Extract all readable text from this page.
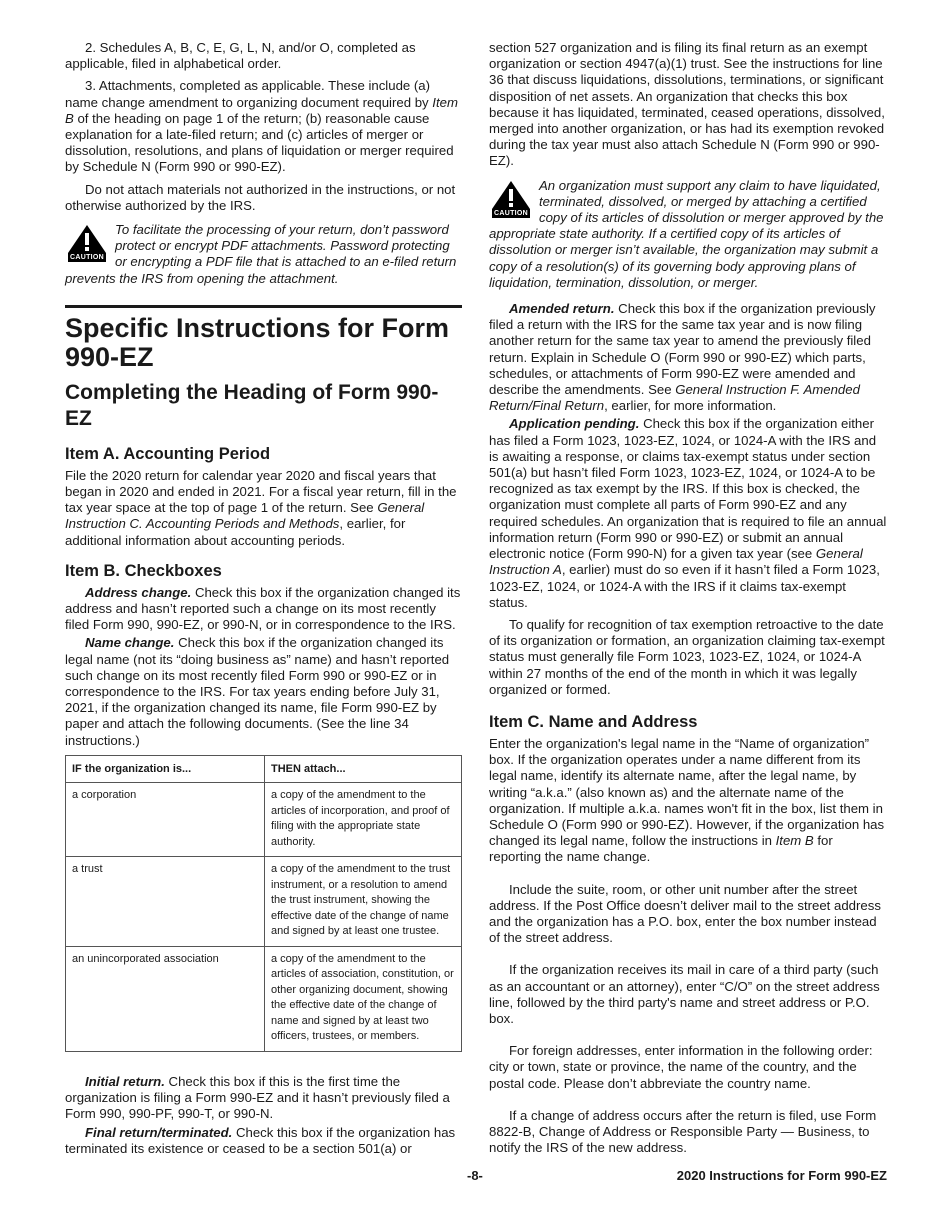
2. Schedules A, B, C, E, G, L, N, and/or O, completed as applicable, filed in alphabetical order.

3. Attachments, completed as applicable. These include (a) name change amendment to organizing document required by Item B of the heading on page 1 of the return; (b) reasonable cause explanation for a late-filed return; and (c) articles of merger or dissolution, resolutions, and plans of liquidation or merger required by Schedule N (Form 990 or 990-EZ).

Do not attach materials not authorized in the instructions, or not otherwise authorized by the IRS.

CAUTION
To facilitate the processing of your return, don’t password protect or encrypt PDF attachments. Password protecting or encrypting a PDF file that is attached to an e-filed return prevents the IRS from opening the attachment.
Specific Instructions for Form 990-EZ
Completing the Heading of Form 990-EZ
Item A. Accounting Period

File the 2020 return for calendar year 2020 and fiscal years that began in 2020 and ended in 2021. For a fiscal year return, fill in the tax year space at the top of page 1 of the return. See General Instruction C. Accounting Periods and Methods, earlier, for additional information about accounting periods.

Item B. Checkboxes

Address change. Check this box if the organization changed its address and hasn’t reported such a change on its most recently filed Form 990, 990-EZ, or 990-N, or in correspondence to the IRS.

Name change. Check this box if the organization changed its legal name (not its “doing business as” name) and hasn’t reported such change on its most recently filed Form 990 or 990-EZ or in correspondence to the IRS. For tax years ending before July 31, 2021, if the organization changed its name, file Form 990-EZ by paper and attach the following documents. (See the line 34 instructions.)

IF the organization is...	THEN attach...
a corporation	a copy of the amendment to the articles of incorporation, and proof of filing with the appropriate state authority.
a trust	a copy of the amendment to the trust instrument, or a resolution to amend the trust instrument, showing the effective date of the change of name and signed by at least one trustee.
an unincorporated association	a copy of the amendment to the articles of association, constitution, or other organizing document, showing the effective date of the change of name and signed by at least two officers, trustees, or members.

Initial return. Check this box if this is the first time the organization is filing a Form 990-EZ and it hasn’t previously filed a Form 990, 990-PF, 990-T, or 990-N.

Final return/terminated. Check this box if the organization has terminated its existence or ceased to be a section 501(a) or

section 527 organization and is filing its final return as an exempt organization or section 4947(a)(1) trust. See the instructions for line 36 that discuss liquidations, dissolutions, terminations, or significant disposition of net assets. An organization that checks this box because it has liquidated, terminated, ceased operations, dissolved, merged into another organization, or has had its exemption revoked during the tax year must also attach Schedule N (Form 990 or 990-EZ).

CAUTION
An organization must support any claim to have liquidated, terminated, dissolved, or merged by attaching a certified copy of its articles of dissolution or merger approved by the appropriate state authority. If a certified copy of its articles of dissolution or merger isn’t available, the organization may submit a copy of a resolution(s) of its governing body approving plans of liquidation, termination, dissolution, or merger.

Amended return. Check this box if the organization previously filed a return with the IRS for the same tax year and is now filing another return for the same tax year to amend the previously filed return. Explain in Schedule O (Form 990 or 990-EZ) which parts, schedules, or attachments of Form 990-EZ were amended and describe the amendments. See General Instruction F. Amended Return/Final Return, earlier, for more information.

Application pending. Check this box if the organization either has filed a Form 1023, 1023-EZ, 1024, or 1024-A with the IRS and is awaiting a response, or claims tax-exempt status under section 501(a) but hasn’t filed Form 1023, 1023-EZ, 1024, or 1024-A to be recognized as tax exempt by the IRS. If this box is checked, the organization must complete all parts of Form 990-EZ and any required schedules. An organization that is required to file an annual information return (Form 990 or 990-EZ) or submit an annual electronic notice (Form 990-N) for a given tax year (see General Instruction A, earlier) must do so even if it hasn’t filed a Form 1023, 1023-EZ, 1024, or 1024-A with the IRS if it claims tax-exempt status.

To qualify for recognition of tax exemption retroactive to the date of its organization or formation, an organization claiming tax-exempt status must generally file Form 1023, 1023-EZ, 1024, or 1024-A within 27 months of the end of the month in which it was legally organized or formed.

Item C. Name and Address

Enter the organization's legal name in the “Name of organization” box. If the organization operates under a name different from its legal name, identify its alternate name, after the legal name, by writing “a.k.a.” (also known as) and the alternate name of the organization. If multiple a.k.a. names won't fit in the box, list them in Schedule O (Form 990 or 990-EZ). However, if the organization has changed its legal name, follow the instructions in Item B for reporting the name change.

Include the suite, room, or other unit number after the street address. If the Post Office doesn’t deliver mail to the street address and the organization has a P.O. box, enter the box number instead of the street address.

If the organization receives its mail in care of a third party (such as an accountant or an attorney), enter “C/O” on the street address line, followed by the third party's name and street address or P.O. box.

For foreign addresses, enter information in the following order: city or town, state or province, the name of the country, and the postal code. Please don’t abbreviate the country name.

If a change of address occurs after the return is filed, use Form 8822-B, Change of Address or Responsible Party — Business, to notify the IRS of the new address.

-8-	2020 Instructions for Form 990-EZ
